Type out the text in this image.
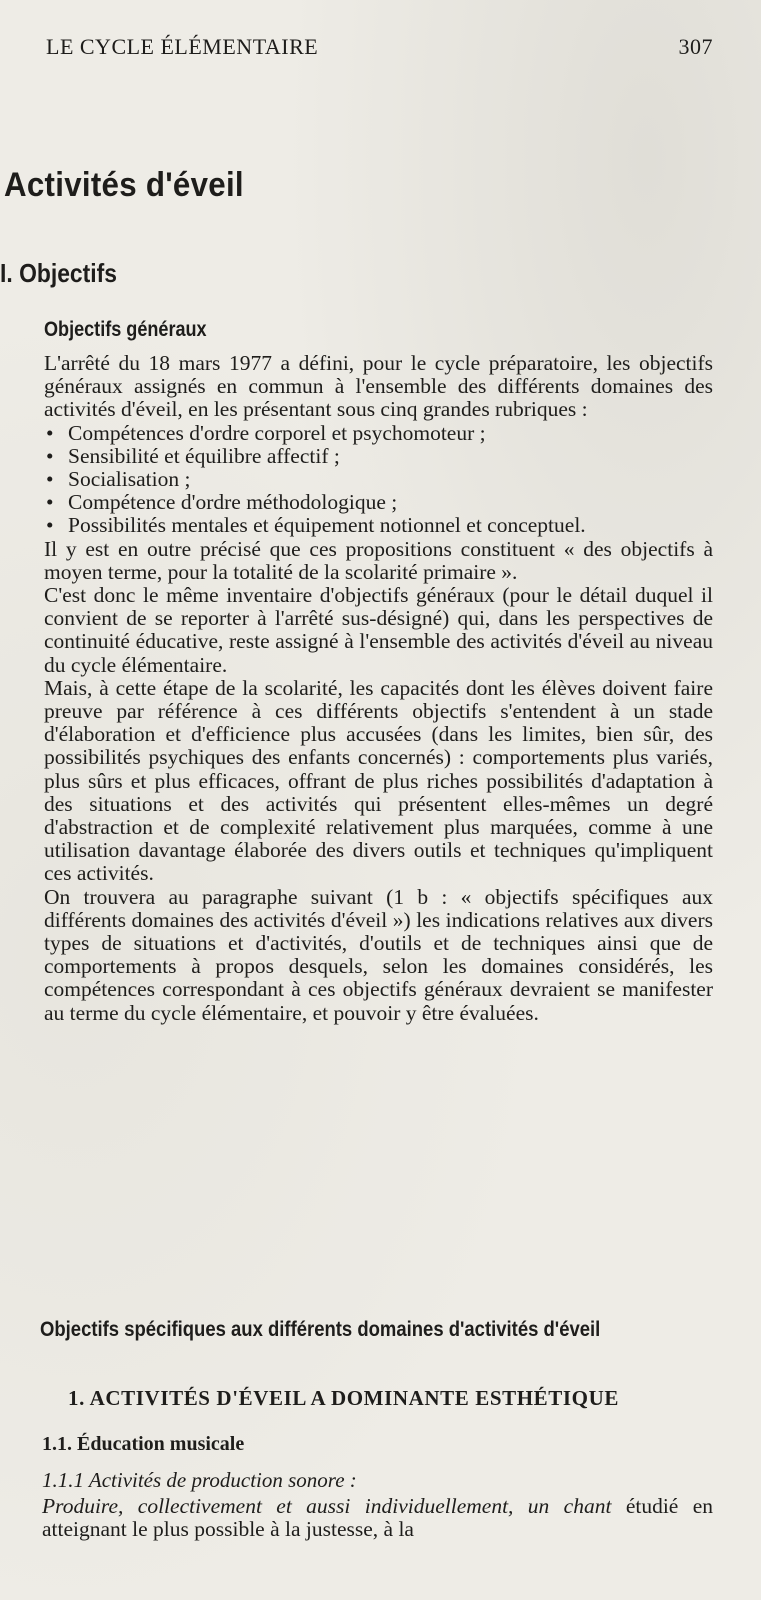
LE CYCLE ÉLÉMENTAIRE	307
Activités d'éveil
I. Objectifs
Objectifs généraux

L'arrêté du 18 mars 1977 a défini, pour le cycle préparatoire, les objectifs généraux assignés en commun à l'ensemble des différents domaines des activités d'éveil, en les présentant sous cinq grandes rubriques :

• Compétences d'ordre corporel et psychomoteur ;
• Sensibilité et équilibre affectif ;
• Socialisation ;
• Compétence d'ordre méthodologique ;
• Possibilités mentales et équipement notionnel et conceptuel.

Il y est en outre précisé que ces propositions constituent « des objectifs à moyen terme, pour la totalité de la scolarité primaire ».

C'est donc le même inventaire d'objectifs généraux (pour le détail duquel il convient de se reporter à l'arrêté sus-désigné) qui, dans les perspectives de continuité éducative, reste assigné à l'ensemble des activités d'éveil au niveau du cycle élémentaire.

Mais, à cette étape de la scolarité, les capacités dont les élèves doivent faire preuve par référence à ces différents objectifs s'entendent à un stade d'élaboration et d'efficience plus accusées (dans les limites, bien sûr, des possibilités psychiques des enfants concernés) : comportements plus variés, plus sûrs et plus efficaces, offrant de plus riches possibilités d'adaptation à des situations et des activités qui présentent elles-mêmes un degré d'abstraction et de complexité relativement plus marquées, comme à une utilisation davantage élaborée des divers outils et techniques qu'impliquent ces activités.

On trouvera au paragraphe suivant (1 b : « objectifs spécifiques aux différents domaines des activités d'éveil ») les indications relatives aux divers types de situations et d'activités, d'outils et de techniques ainsi que de comportements à propos desquels, selon les domaines considérés, les compétences correspondant à ces objectifs généraux devraient se manifester au terme du cycle élémentaire, et pouvoir y être évaluées.

Objectifs spécifiques aux différents domaines d'activités d'éveil
1. ACTIVITÉS D'ÉVEIL A DOMINANTE ESTHÉTIQUE
1.1. Éducation musicale
1.1.1 Activités de production sonore :

Produire, collectivement et aussi individuellement, un chant étudié en atteignant le plus possible à la justesse, à la
